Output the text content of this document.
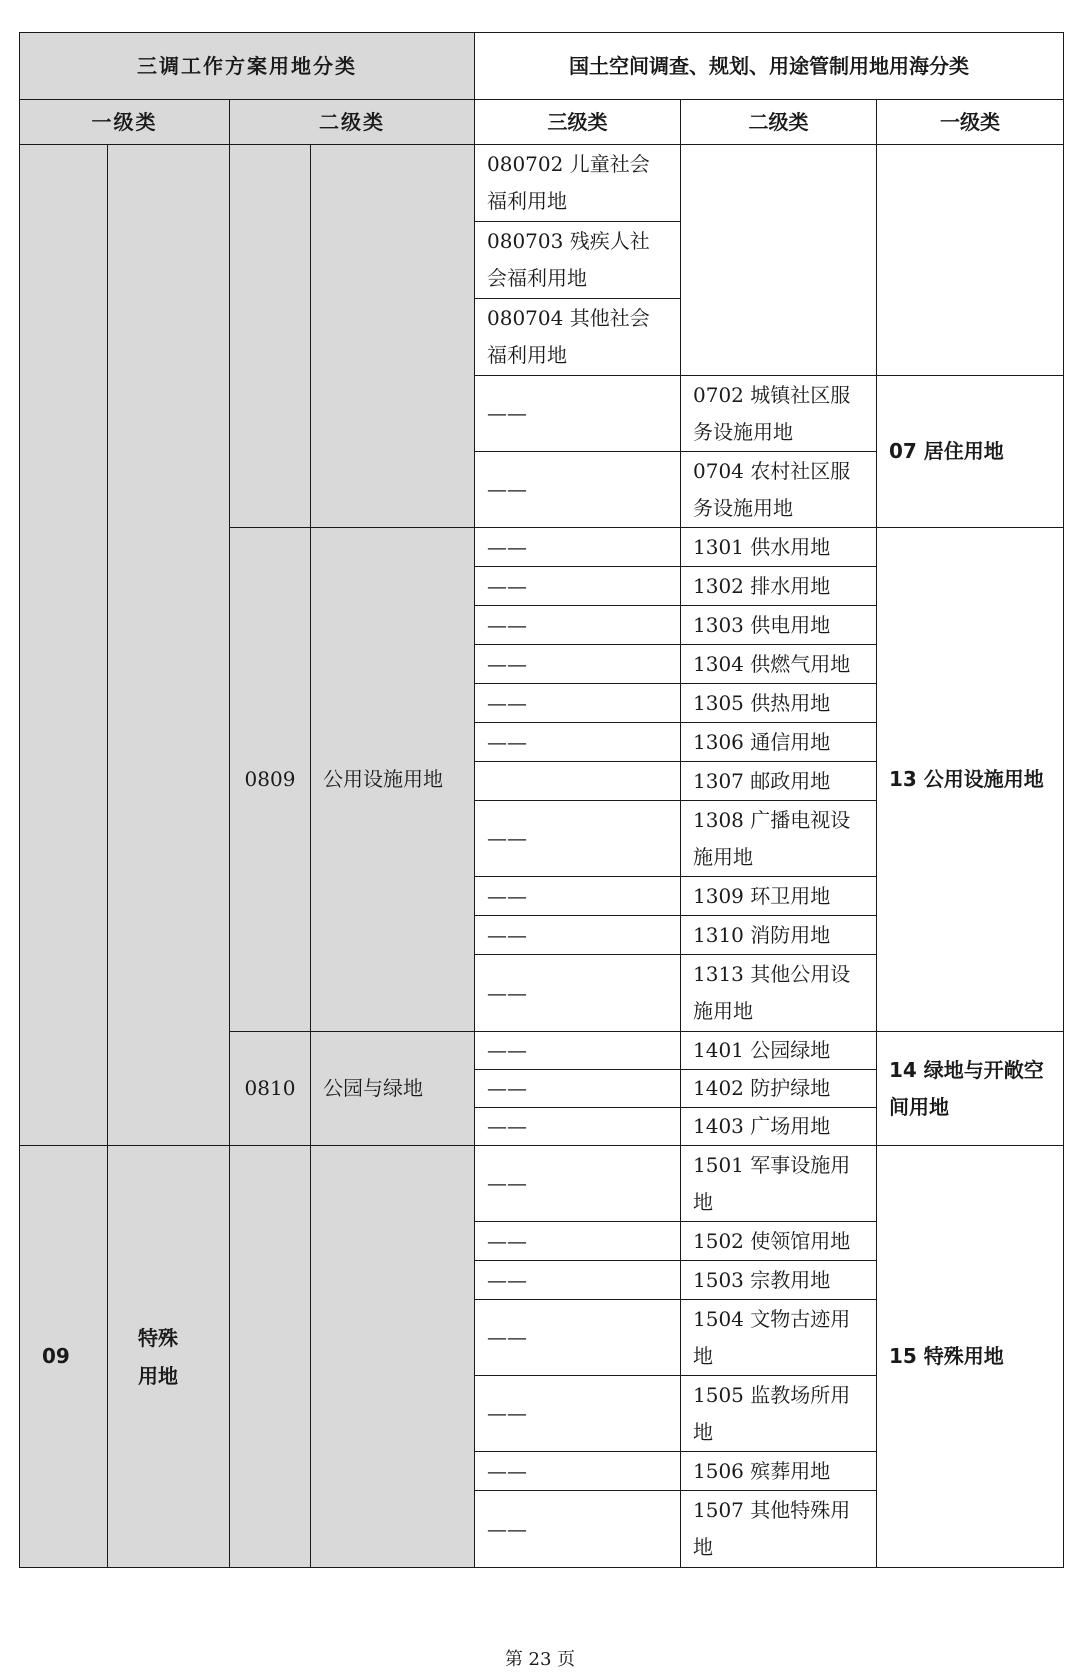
三调工作方案用地分类				国土空间调查、规划、用途管制用地用海分类		
一级类		二级类		三级类	二级类	一级类
				080702 儿童社会福利用地		
				080703 残疾人社会福利用地		
				080704 其他社会福利用地		
				——	0702 城镇社区服务设施用地	07 居住用地
				——	0704 农村社区服务设施用地	
		0809	公用设施用地	——	1301 供水用地	13 公用设施用地
				——	1302 排水用地	
				——	1303 供电用地	
				——	1304 供燃气用地	
				——	1305 供热用地	
				——	1306 通信用地	
					1307 邮政用地	
				——	1308 广播电视设施用地	
				——	1309 环卫用地	
				——	1310 消防用地	
				——	1313 其他公用设施用地	
		0810	公园与绿地	——	1401 公园绿地	14 绿地与开敞空间用地
				——	1402 防护绿地	
				——	1403 广场用地	
09	特殊用地			——	1501 军事设施用地	15 特殊用地
				——	1502 使领馆用地	
				——	1503 宗教用地	
				——	1504 文物古迹用地	
				——	1505 监教场所用地	
				——	1506 殡葬用地	
				——	1507 其他特殊用地	
第 23 页
